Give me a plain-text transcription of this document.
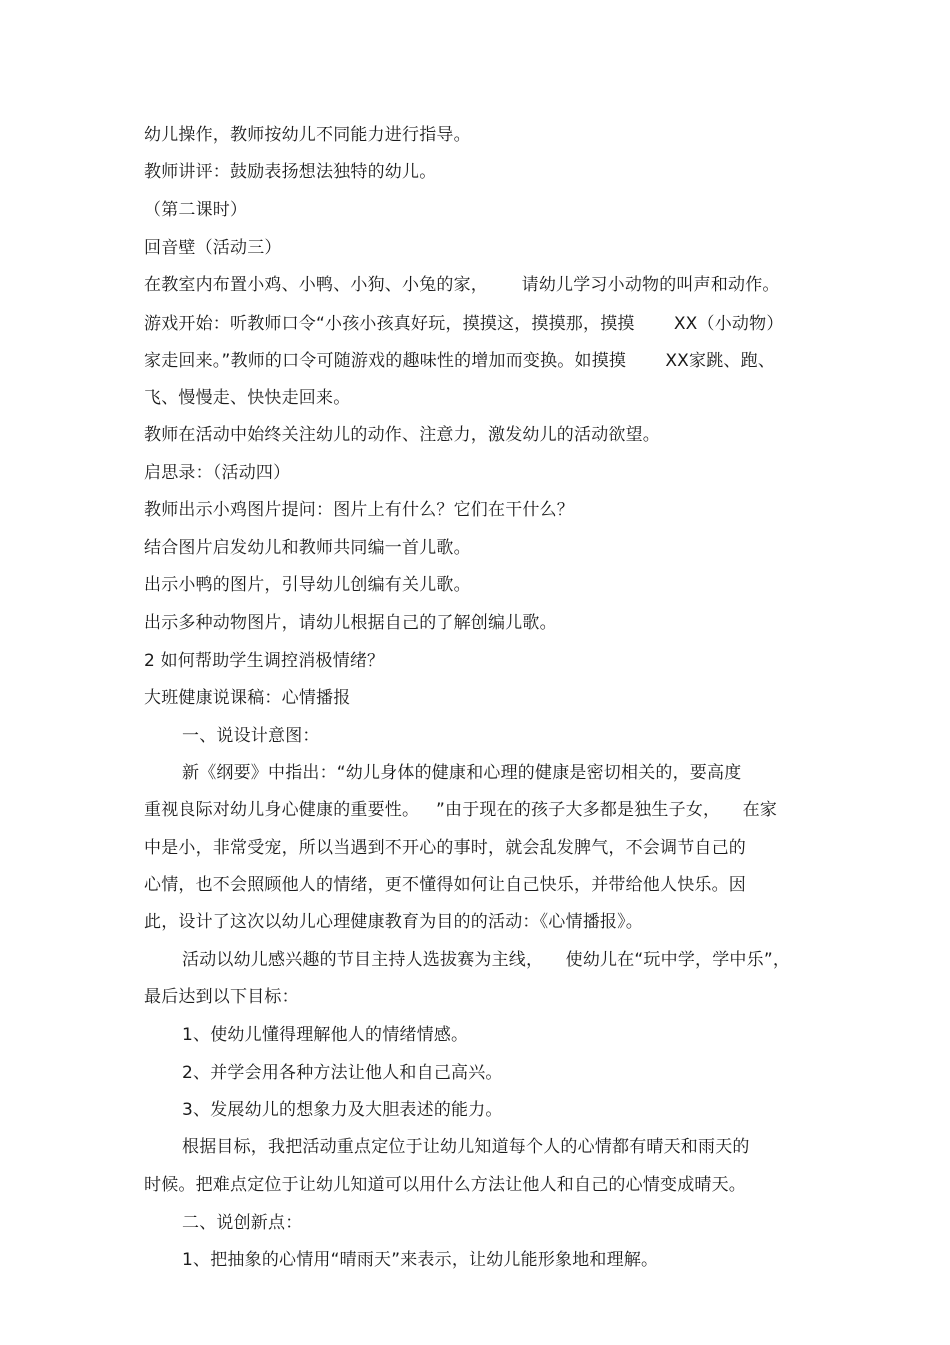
幼儿操作，教师按幼儿不同能力进行指导。
教师讲评：鼓励表扬想法独特的幼儿。
（第二课时）
回音壁（活动三）
在教室内布置小鸡、小鸭、小狗、小兔的家，      请幼儿学习小动物的叫声和动作。
游戏开始：听教师口令“小孩小孩真好玩，摸摸这，摸摸那，摸摸       XX（小动物）
家走回来。”教师的口令可随游戏的趣味性的增加而变换。如摸摸       XX家跳、跑、
飞、慢慢走、快快走回来。
教师在活动中始终关注幼儿的动作、注意力，激发幼儿的活动欲望。
启思录：（活动四）
教师出示小鸡图片提问：图片上有什么？它们在干什么？
结合图片启发幼儿和教师共同编一首儿歌。
出示小鸭的图片，引导幼儿创编有关儿歌。
出示多种动物图片，请幼儿根据自己的了解创编儿歌。
2 如何帮助学生调控消极情绪？
大班健康说课稿：心情播报
一、说设计意图：
新《纲要》中指出：“幼儿身体的健康和心理的健康是密切相关的，要高度
重视良际对幼儿身心健康的重要性。   ”由于现在的孩子大多都是独生子女，    在家
中是小，非常受宠，所以当遇到不开心的事时，就会乱发脾气，不会调节自己的
心情，也不会照顾他人的情绪，更不懂得如何让自己快乐，并带给他人快乐。因
此，设计了这次以幼儿心理健康教育为目的的活动：《心情播报》。
活动以幼儿感兴趣的节目主持人选拔赛为主线，    使幼儿在“玩中学，学中乐”，
最后达到以下目标：
1、使幼儿懂得理解他人的情绪情感。
2、并学会用各种方法让他人和自己高兴。
3、发展幼儿的想象力及大胆表述的能力。
根据目标，我把活动重点定位于让幼儿知道每个人的心情都有晴天和雨天的
时候。把难点定位于让幼儿知道可以用什么方法让他人和自己的心情变成晴天。
二、说创新点：
1、把抽象的心情用“晴雨天”来表示，让幼儿能形象地和理解。
